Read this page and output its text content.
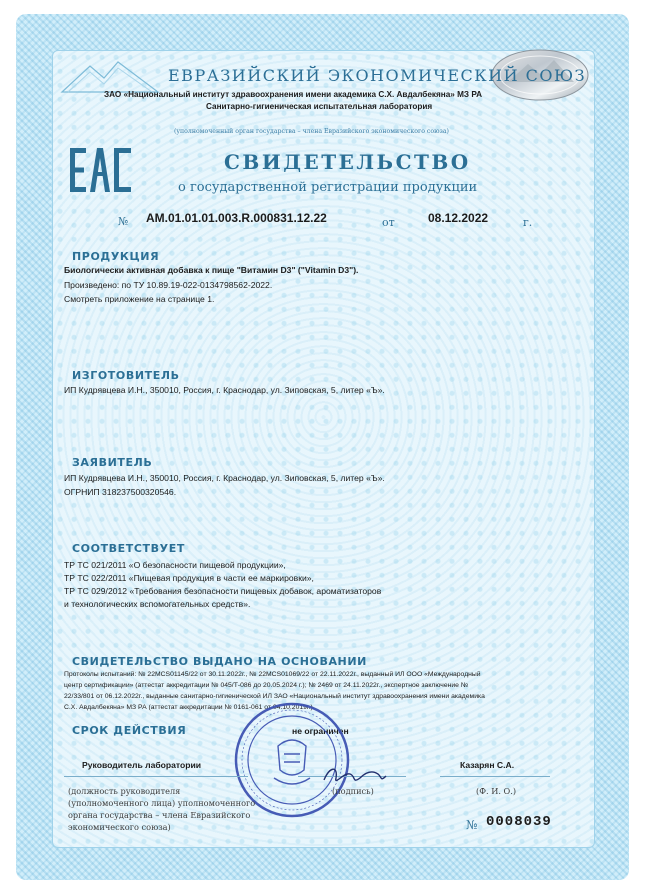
ЕВРАЗИЙСКИЙ ЭКОНОМИЧЕСКИЙ СОЮЗ
ЗАО «Национальный институт здравоохранения имени академика С.Х. Авдалбекяна» МЗ РА
Санитарно-гигиеническая испытательная лаборатория
(уполномоченный орган государства – члена Евразийского экономического союза)
СВИДЕТЕЛЬСТВО
о государственной регистрации продукции
№ AM.01.01.01.003.R.000831.12.22	от	08.12.2022	г.
ПРОДУКЦИЯ
Биологически активная добавка к пище "Витамин D3" ("Vitamin D3").
Произведено: по ТУ 10.89.19-022-0134798562-2022.
Смотреть приложение на странице 1.
ИЗГОТОВИТЕЛЬ
ИП Кудрявцева И.Н., 350010, Россия, г. Краснодар, ул. Зиповская, 5, литер «Ъ».
ЗАЯВИТЕЛЬ
ИП Кудрявцева И.Н., 350010, Россия, г. Краснодар, ул. Зиповская, 5, литер «Ъ».
ОГРНИП 318237500320546.
СООТВЕТСТВУЕТ
ТР ТС 021/2011 «О безопасности пищевой продукции»,
ТР ТС 022/2011 «Пищевая продукция в части ее маркировки»,
ТР ТС 029/2012 «Требования безопасности пищевых добавок, ароматизаторов
и технологических вспомогательных средств».
СВИДЕТЕЛЬСТВО ВЫДАНО НА ОСНОВАНИИ
Протоколы испытаний: № 22MCS01145/22 от 30.11.2022г., № 22MCS01069/22 от 22.11.2022г., выданный ИЛ ООО «Международный
центр сертификации» (аттестат аккредитации № 045/Т-086 до 20.05.2024 г.); № 2469 от 24.11.2022г., экспертное заключение №
22/33/801 от 06.12.2022г., выданные санитарно-гигиенической ИЛ ЗАО «Национальный институт здравоохранения имени академика
С.Х. Авдалбекяна» МЗ РА (аттестат аккредитации № 0161-061 от 04.10.2019г.).
СРОК ДЕЙСТВИЯ	не ограничен
Руководитель лаборатории	Казарян С.А.
(должность руководителя
(уполномоченного лица) уполномоченного
органа государства – члена Евразийского
экономического союза)
(подпись)	(Ф. И. О.)
№ 0008039
